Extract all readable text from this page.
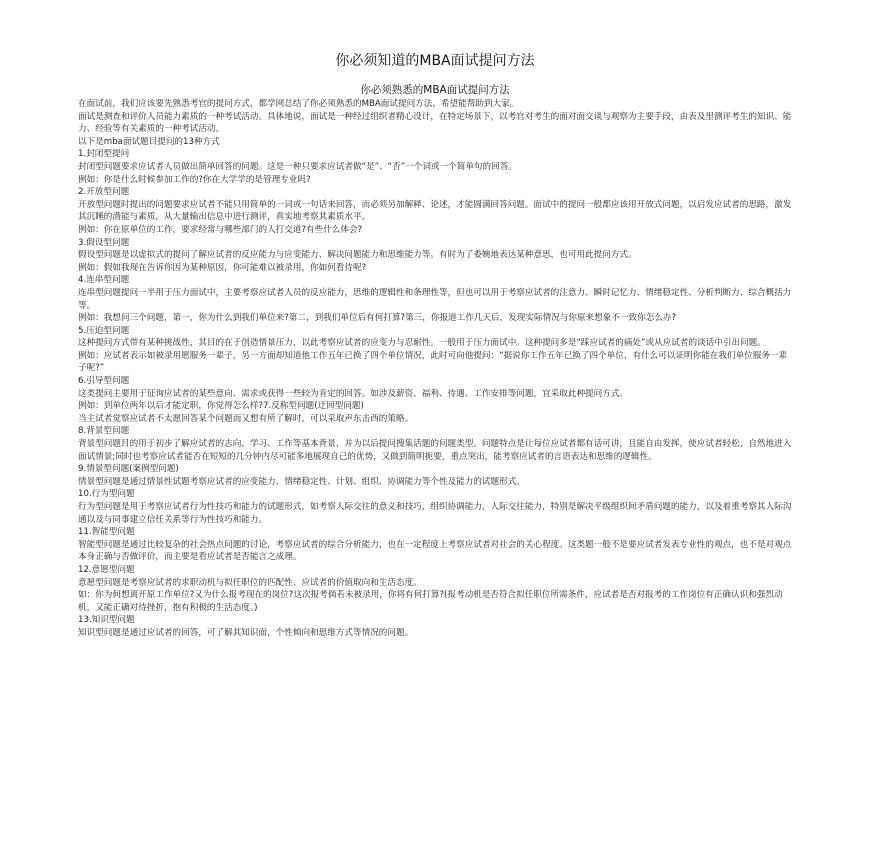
你必须知道的MBA面试提问方法
你必须熟悉的MBA面试提问方法

在面试前，我们应该要先熟悉考官的提问方式，都学网总结了你必须熟悉的MBA面试提问方法，希望能帮助到大家。

面试是测查和评价人员能力素质的一种考试活动。具体地说，面试是一种经过组织者精心设计，在特定场景下，以考官对考生的面对面交谈与观察为主要手段，由表及里测评考生的知识、能力、经验等有关素质的一种考试活动。

以下是mba面试题目提问的13种方式

1.封闭型提问

封闭型问题要求应试者人员做出简单回答的问题。这是一种只要求应试者做“是”、“否”一个词或一个简单句的回答。

例如：你是什么时候参加工作的?你在大学学的是管理专业吗?

2.开放型问题

开放型问题时提出的问题要求应试者不能只用简单的一词或一句话来回答，而必须另加解释、论述，才能圆满回答问题。面试中的提问一般都应该用开放式问题，以启发应试者的思路，激发其沉睡的潜能与素质，从大量输出信息中进行测评，真实地考察其素质水平。

例如：你在原单位的工作，要求经常与哪些部门的人打交道?有些什么体会?

3.假设型问题

假设型问题是以虚拟式的提问了解应试者的反应能力与应变能力、解决问题能力和思维能力等。有时为了委婉地表达某种意思，也可用此提问方式。

例如：假如我现在告诉你因为某种原因，你可能难以被录用，你如何看待呢?

4.连串型问题

连串型问题提问一半用于压力面试中，主要考察应试者人员的反应能力，思维的逻辑性和条理性等，但也可以用于考察应试者的注意力、瞬时记忆力、情绪稳定性、分析判断力、综合概括力等。

例如：我想问三个问题，第一，你为什么到我们单位来?第二，到我们单位后有何打算?第三，你报道工作几天后，发现实际情况与你原来想象不一致你怎么办?

5.压迫型问题

这种提问方式带有某种挑战性，其目的在于创造情景压力，以此考察应试者的应变力与忍耐性。一般用于压力面试中。这种提问多是“踩应试者的痛处”或从应试者的谈话中引出问题。

例如：应试者表示如被录用愿服务一辈子，另一方面却知道他工作五年已换了四个单位情况，此时可向他提问：“据说你工作五年已换了四个单位，有什么可以证明你能在我们单位服务一辈子呢?”

6.引导型问题

这类提问主要用于征询应试者的某些意向、需求或获得一些较为肯定的回答。如涉及薪资、福利、待遇、工作安排等问题，宜采取此种提问方式。

例如：到单位两年以后才能定职，你觉得怎么样?7.反称型问题(迂回型问题)

当主试者觉察应试者不太愿回答某个问题而又想有所了解时，可以采取声东击西的策略。

8.背景型问题

背景型问题目的用于初步了解应试者的志向、学习、工作等基本背景，并为以后提问搜集话题的问题类型。问题特点是让每位应试者都有话可讲，且能自由发挥，使应试者轻松、自然地进入面试情景;同时也考察应试者能否在短短的几分钟内尽可能多地展现自己的优势，又做到简明扼要，重点突出，能考察应试者的言语表达和思维的逻辑性。

9.情景型问题(案例型问题)

情景型问题是通过情景性试题考察应试者的应变能力、情绪稳定性、计划、组织、协调能力等个性及能力的试题形式。

10.行为型问题

行为型问题是用于考察应试者行为性技巧和能力的试题形式，如考察人际交往的意义和技巧，组织协调能力，人际交往能力，特别是解决平级组织间矛盾问题的能力，以及着重考察其人际沟通以及与同事建立信任关系等行为性技巧和能力。

11.智能型问题

智能型问题是通过比较复杂的社会热点问题的讨论，考察应试者的综合分析能力，也在一定程度上考察应试者对社会的关心程度。这类题一般不是要应试者发表专业性的观点，也不是对观点本身正确与否做评价，而主要是看应试者是否能言之成理。

12.意愿型问题

意愿型问题是考察应试者的求职动机与拟任职位的匹配性、应试者的价值取向和生活态度。

如：你为何想离开原工作单位?又为什么报考现在的岗位?这次报考倘若未被录用，你将有何打算?(报考动机是否符合拟任职位所需条件，应试者是否对报考的工作岗位有正确认识和强烈动机，又能正确对待挫折，抱有积极的生活态度。)

13.知识型问题

知识型问题是通过应试者的回答，可了解其知识面，个性倾向和思维方式等情况的问题。
